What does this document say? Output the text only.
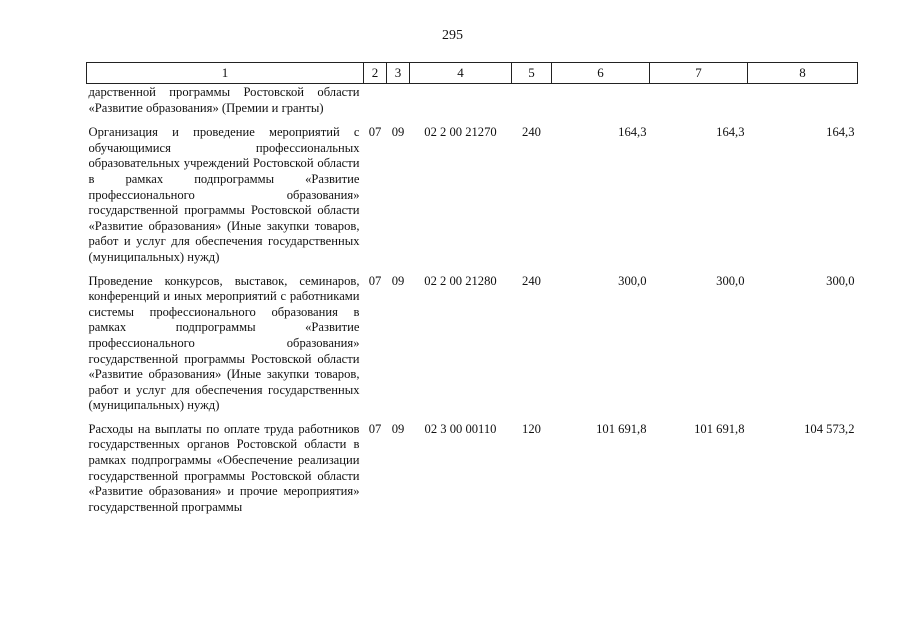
295
1	2	3	4	5	6	7	8
дарственной программы Ростовской области «Развитие образования» (Премии и гранты)							
Организация и проведение мероприятий с обучающимися профессиональных образовательных учреждений Ростовской области в рамках подпрограммы «Развитие профессионального образования» государственной программы Ростовской области «Развитие образования» (Иные закупки товаров, работ и услуг для обеспечения государственных (муниципальных) нужд)	07	09	02 2 00 21270	240	164,3	164,3	164,3
Проведение конкурсов, выставок, семинаров, конференций и иных мероприятий с работниками системы профессионального образования в рамках подпрограммы «Развитие профессионального образования» государственной программы Ростовской области «Развитие образования» (Иные закупки товаров, работ и услуг для обеспечения государственных (муниципальных) нужд)	07	09	02 2 00 21280	240	300,0	300,0	300,0
Расходы на выплаты по оплате труда работников государственных органов Ростовской области в рамках подпрограммы «Обеспечение реализации государственной программы Ростовской области «Развитие образования» и прочие мероприятия» государственной программы	07	09	02 3 00 00110	120	101 691,8	101 691,8	104 573,2
